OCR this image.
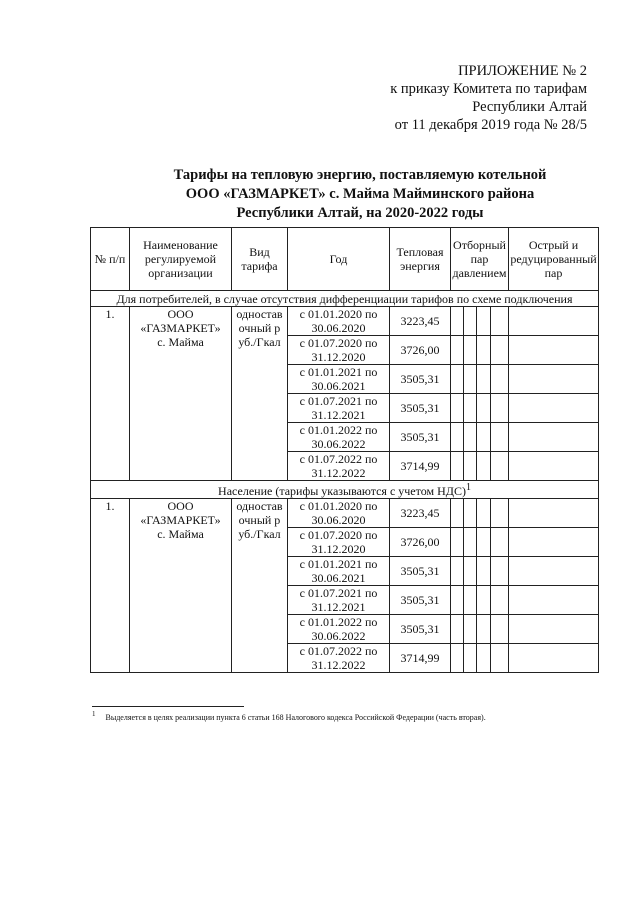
ПРИЛОЖЕНИЕ № 2
к приказу Комитета по тарифам
Республики Алтай
от 11 декабря 2019 года № 28/5
Тарифы на тепловую энергию, поставляемую котельной
ООО «ГАЗМАРКЕТ» с. Майма Майминского района
Республики Алтай, на 2020-2022 годы
№ п/п	Наименование регулируемой организации	Вид тарифа	Год	Тепловая энергия	Отборный пар давлением				Острый и редуцированный пар
Для потребителей, в случае отсутствия дифференциации тарифов по схеме подключения									
1.	ООО
«ГАЗМАРКЕТ»
с. Майма	одноставочный руб./Гкал	с 01.01.2020 по 30.06.2020	3223,45					
			с 01.07.2020 по 31.12.2020	3726,00					
			с 01.01.2021 по 30.06.2021	3505,31					
			с 01.07.2021 по 31.12.2021	3505,31					
			с 01.01.2022 по 30.06.2022	3505,31					
			с 01.07.2022 по 31.12.2022	3714,99					
Население (тарифы указываются с учетом НДС)$^1$
1.	ООО
«ГАЗМАРКЕТ»
с. Майма	одноставочный руб./Гкал	с 01.01.2020 по 30.06.2020	3223,45					
			с 01.07.2020 по 31.12.2020	3726,00					
			с 01.01.2021 по 30.06.2021	3505,31					
			с 01.07.2021 по 31.12.2021	3505,31					
			с 01.01.2022 по 30.06.2022	3505,31					
			с 01.07.2022 по 31.12.2022	3714,99					
$^1$ Выделяется в целях реализации пункта 6 статьи 168 Налогового кодекса Российской Федерации (часть вторая).
